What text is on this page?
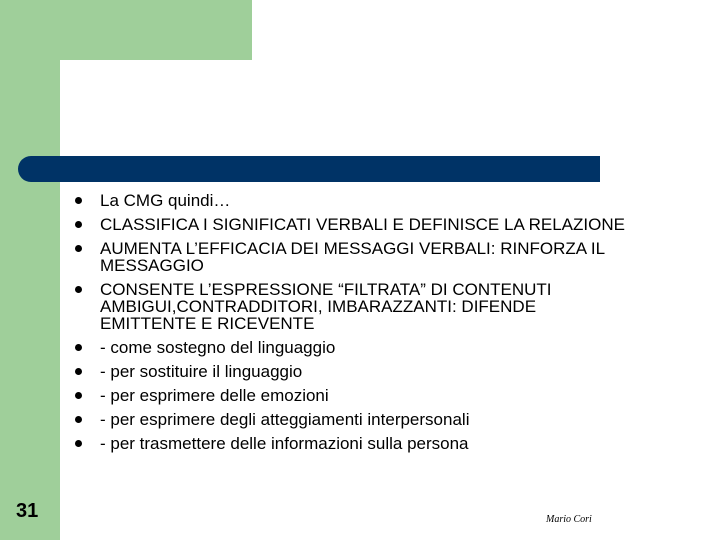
La CMG quindi…
CLASSIFICA I SIGNIFICATI VERBALI E DEFINISCE LA RELAZIONE
AUMENTA L’EFFICACIA DEI MESSAGGI VERBALI: RINFORZA IL MESSAGGIO
CONSENTE L’ESPRESSIONE “FILTRATA” DI CONTENUTI AMBIGUI,CONTRADDITORI, IMBARAZZANTI: DIFENDE EMITTENTE E RICEVENTE
- come sostegno del linguaggio
- per sostituire il linguaggio
- per esprimere delle emozioni
- per esprimere degli atteggiamenti interpersonali
- per trasmettere delle informazioni sulla persona
31	Mario Cori
